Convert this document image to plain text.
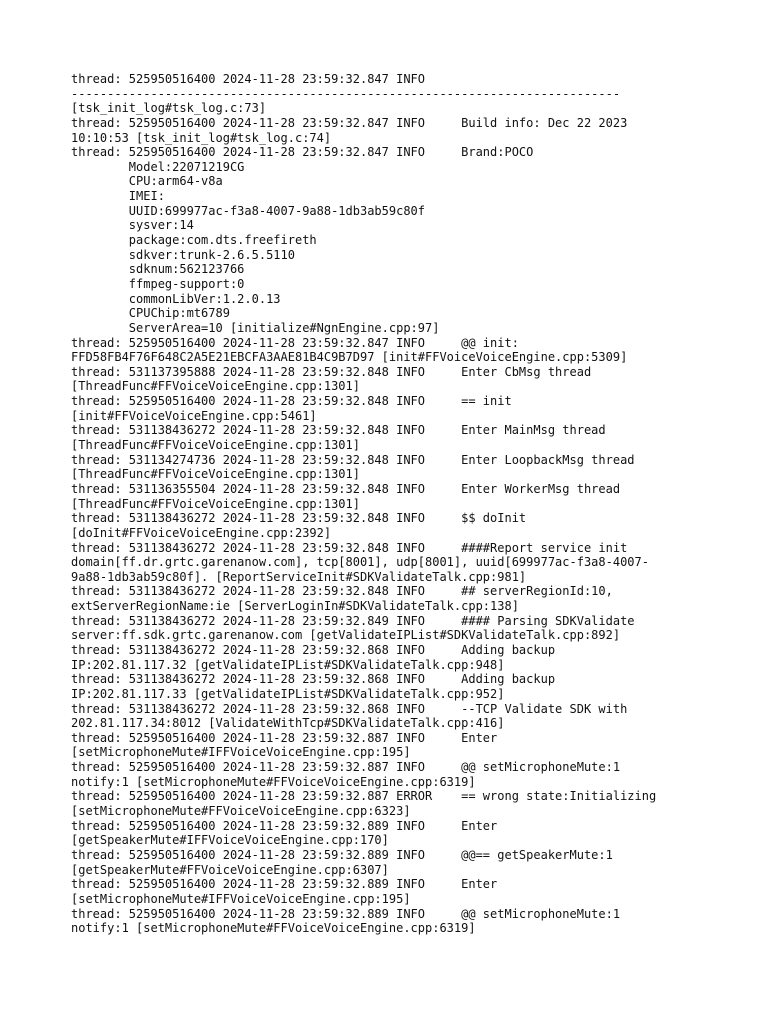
thread: 525950516400 2024-11-28 23:59:32.847 INFO
----------------------------------------------------------------------------
[tsk_init_log#tsk_log.c:73]
thread: 525950516400 2024-11-28 23:59:32.847 INFO     Build info: Dec 22 2023
10:10:53 [tsk_init_log#tsk_log.c:74]
thread: 525950516400 2024-11-28 23:59:32.847 INFO     Brand:POCO
Model:22071219CG
CPU:arm64-v8a
IMEI:
UUID:699977ac-f3a8-4007-9a88-1db3ab59c80f
sysver:14
package:com.dts.freefireth
sdkver:trunk-2.6.5.5110
sdknum:562123766
ffmpeg-support:0
commonLibVer:1.2.0.13
CPUChip:mt6789
ServerArea=10 [initialize#NgnEngine.cpp:97]
thread: 525950516400 2024-11-28 23:59:32.847 INFO     @@ init:
FFD58FB4F76F648C2A5E21EBCFA3AAE81B4C9B7D97 [init#FFVoiceVoiceEngine.cpp:5309]
thread: 531137395888 2024-11-28 23:59:32.848 INFO     Enter CbMsg thread
[ThreadFunc#FFVoiceVoiceEngine.cpp:1301]
thread: 525950516400 2024-11-28 23:59:32.848 INFO     == init
[init#FFVoiceVoiceEngine.cpp:5461]
thread: 531138436272 2024-11-28 23:59:32.848 INFO     Enter MainMsg thread
[ThreadFunc#FFVoiceVoiceEngine.cpp:1301]
thread: 531134274736 2024-11-28 23:59:32.848 INFO     Enter LoopbackMsg thread
[ThreadFunc#FFVoiceVoiceEngine.cpp:1301]
thread: 531136355504 2024-11-28 23:59:32.848 INFO     Enter WorkerMsg thread
[ThreadFunc#FFVoiceVoiceEngine.cpp:1301]
thread: 531138436272 2024-11-28 23:59:32.848 INFO     $$ doInit
[doInit#FFVoiceVoiceEngine.cpp:2392]
thread: 531138436272 2024-11-28 23:59:32.848 INFO     ####Report service init
domain[ff.dr.grtc.garenanow.com], tcp[8001], udp[8001], uuid[699977ac-f3a8-4007-
9a88-1db3ab59c80f]. [ReportServiceInit#SDKValidateTalk.cpp:981]
thread: 531138436272 2024-11-28 23:59:32.848 INFO     ## serverRegionId:10,
extServerRegionName:ie [ServerLoginIn#SDKValidateTalk.cpp:138]
thread: 531138436272 2024-11-28 23:59:32.849 INFO     #### Parsing SDKValidate
server:ff.sdk.grtc.garenanow.com [getValidateIPList#SDKValidateTalk.cpp:892]
thread: 531138436272 2024-11-28 23:59:32.868 INFO     Adding backup
IP:202.81.117.32 [getValidateIPList#SDKValidateTalk.cpp:948]
thread: 531138436272 2024-11-28 23:59:32.868 INFO     Adding backup
IP:202.81.117.33 [getValidateIPList#SDKValidateTalk.cpp:952]
thread: 531138436272 2024-11-28 23:59:32.868 INFO     --TCP Validate SDK with
202.81.117.34:8012 [ValidateWithTcp#SDKValidateTalk.cpp:416]
thread: 525950516400 2024-11-28 23:59:32.887 INFO     Enter
[setMicrophoneMute#IFFVoiceVoiceEngine.cpp:195]
thread: 525950516400 2024-11-28 23:59:32.887 INFO     @@ setMicrophoneMute:1
notify:1 [setMicrophoneMute#FFVoiceVoiceEngine.cpp:6319]
thread: 525950516400 2024-11-28 23:59:32.887 ERROR    == wrong state:Initializing
[setMicrophoneMute#FFVoiceVoiceEngine.cpp:6323]
thread: 525950516400 2024-11-28 23:59:32.889 INFO     Enter
[getSpeakerMute#IFFVoiceVoiceEngine.cpp:170]
thread: 525950516400 2024-11-28 23:59:32.889 INFO     @@== getSpeakerMute:1
[getSpeakerMute#FFVoiceVoiceEngine.cpp:6307]
thread: 525950516400 2024-11-28 23:59:32.889 INFO     Enter
[setMicrophoneMute#IFFVoiceVoiceEngine.cpp:195]
thread: 525950516400 2024-11-28 23:59:32.889 INFO     @@ setMicrophoneMute:1
notify:1 [setMicrophoneMute#FFVoiceVoiceEngine.cpp:6319]
